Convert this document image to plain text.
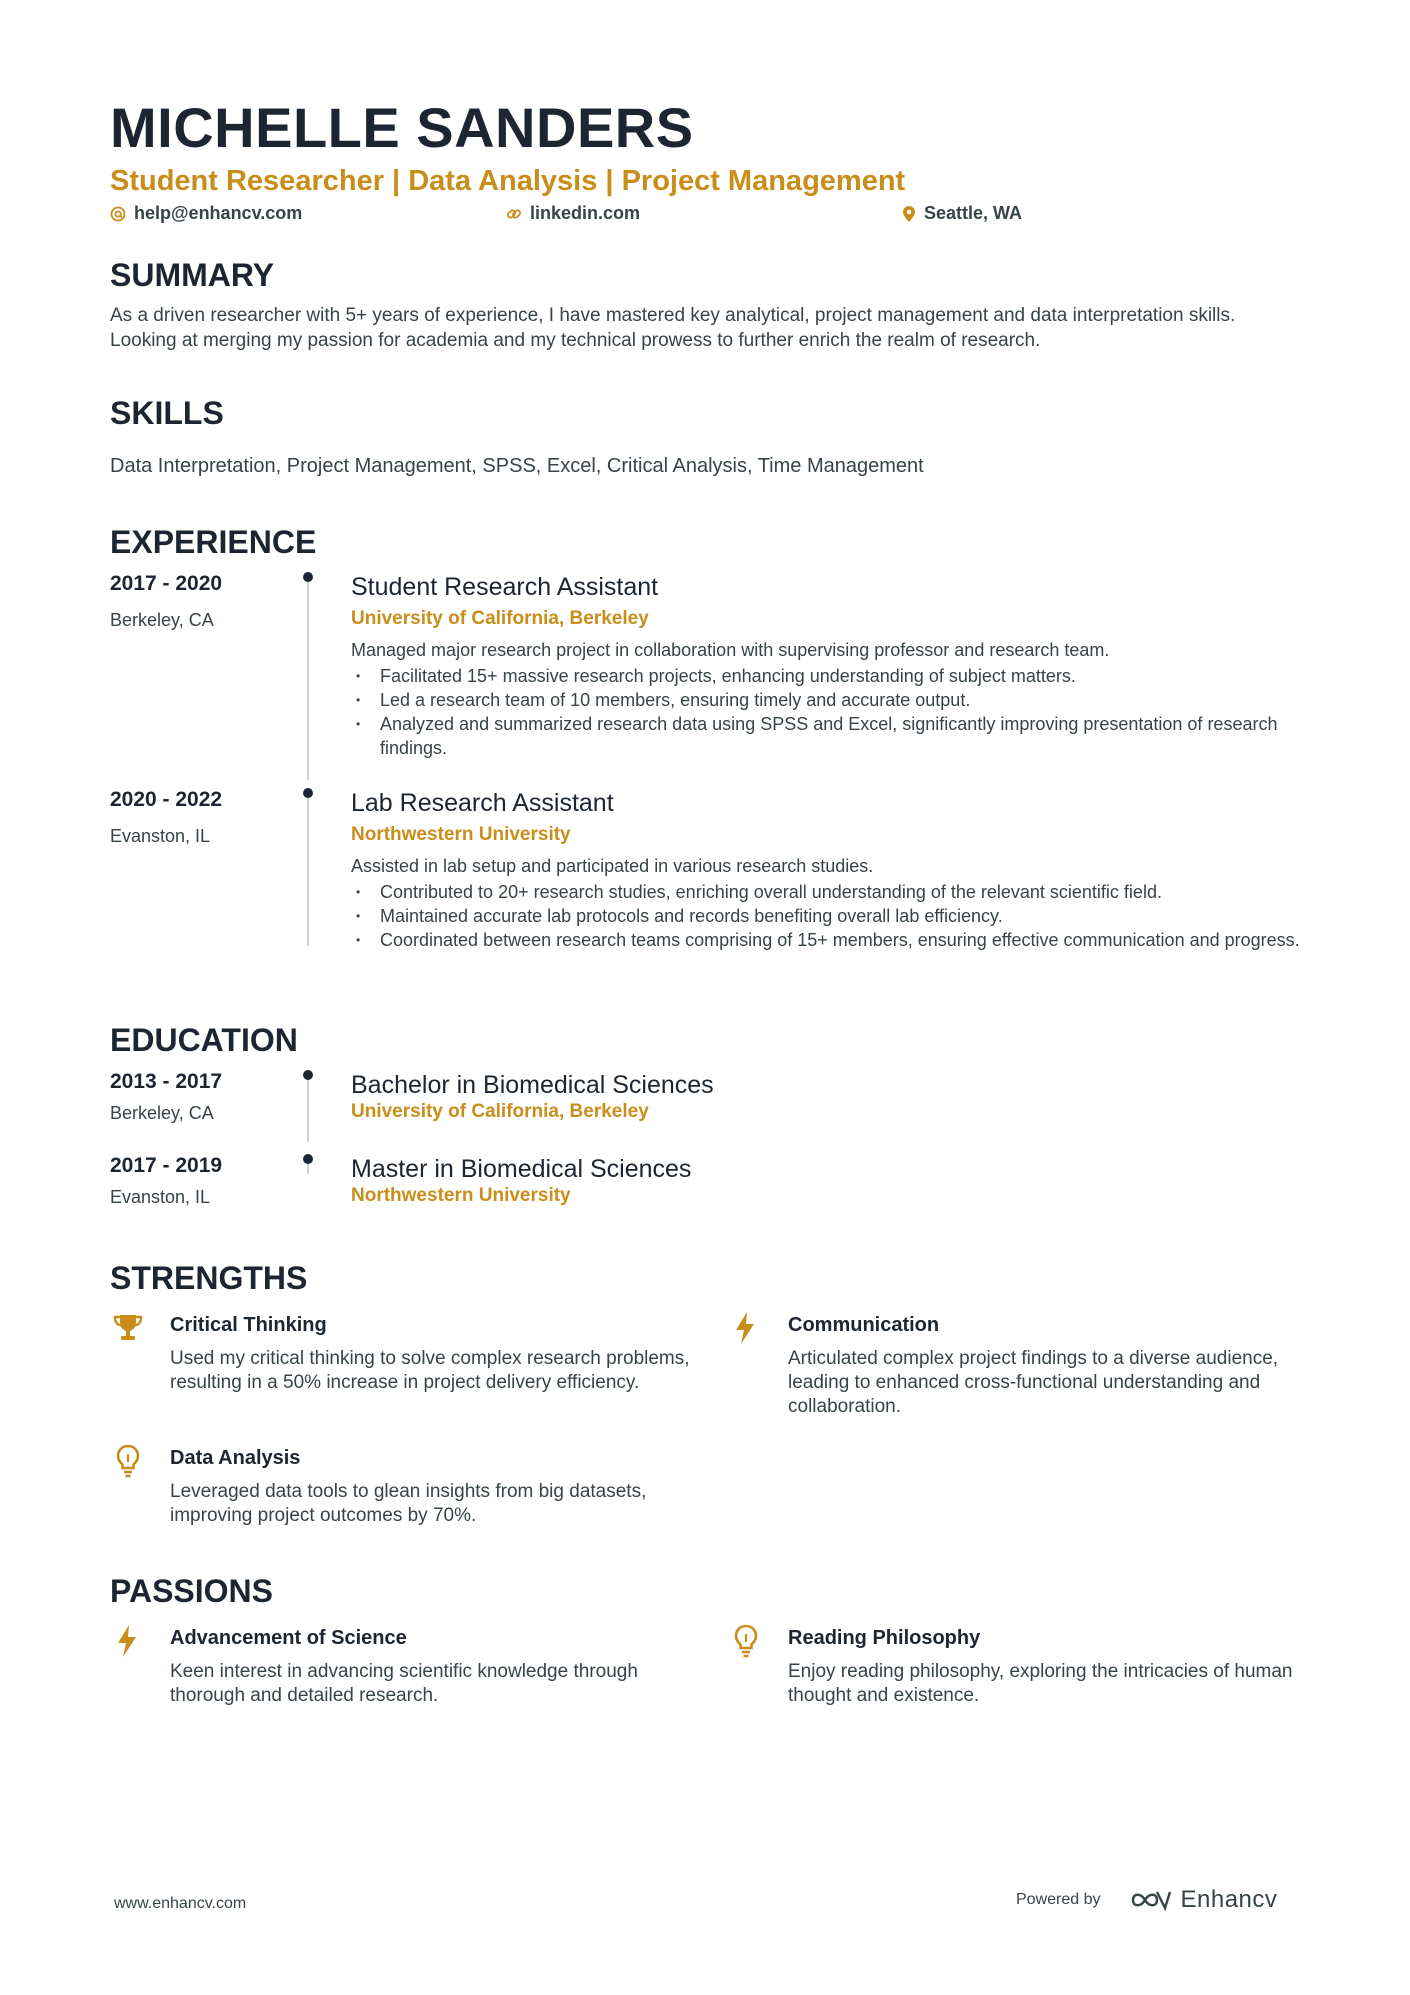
MICHELLE SANDERS
Student Researcher | Data Analysis | Project Management
help@enhancv.com	linkedin.com	Seattle, WA
SUMMARY

As a driven researcher with 5+ years of experience, I have mastered key analytical, project management and data interpretation skills. Looking at merging my passion for academia and my technical prowess to further enrich the realm of research.

SKILLS

Data Interpretation, Project Management, SPSS, Excel, Critical Analysis, Time Management

EXPERIENCE
2017 - 2020
Berkeley, CA
Student Research Assistant
University of California, Berkeley
Managed major research project in collaboration with supervising professor and research team.
• Facilitated 15+ massive research projects, enhancing understanding of subject matters.
• Led a research team of 10 members, ensuring timely and accurate output.
• Analyzed and summarized research data using SPSS and Excel, significantly improving presentation of research findings.
2020 - 2022
Evanston, IL
Lab Research Assistant
Northwestern University
Assisted in lab setup and participated in various research studies.
• Contributed to 20+ research studies, enriching overall understanding of the relevant scientific field.
• Maintained accurate lab protocols and records benefiting overall lab efficiency.
• Coordinated between research teams comprising of 15+ members, ensuring effective communication and progress.
EDUCATION
2013 - 2017
Berkeley, CA
Bachelor in Biomedical Sciences
University of California, Berkeley
2017 - 2019
Evanston, IL
Master in Biomedical Sciences
Northwestern University
STRENGTHS
Critical Thinking
Used my critical thinking to solve complex research problems, resulting in a 50% increase in project delivery efficiency.
Communication
Articulated complex project findings to a diverse audience, leading to enhanced cross-functional understanding and collaboration.
Data Analysis
Leveraged data tools to glean insights from big datasets, improving project outcomes by 70%.
PASSIONS
Advancement of Science
Keen interest in advancing scientific knowledge through thorough and detailed research.
Reading Philosophy
Enjoy reading philosophy, exploring the intricacies of human thought and existence.
www.enhancv.com	Powered by	Enhancv
